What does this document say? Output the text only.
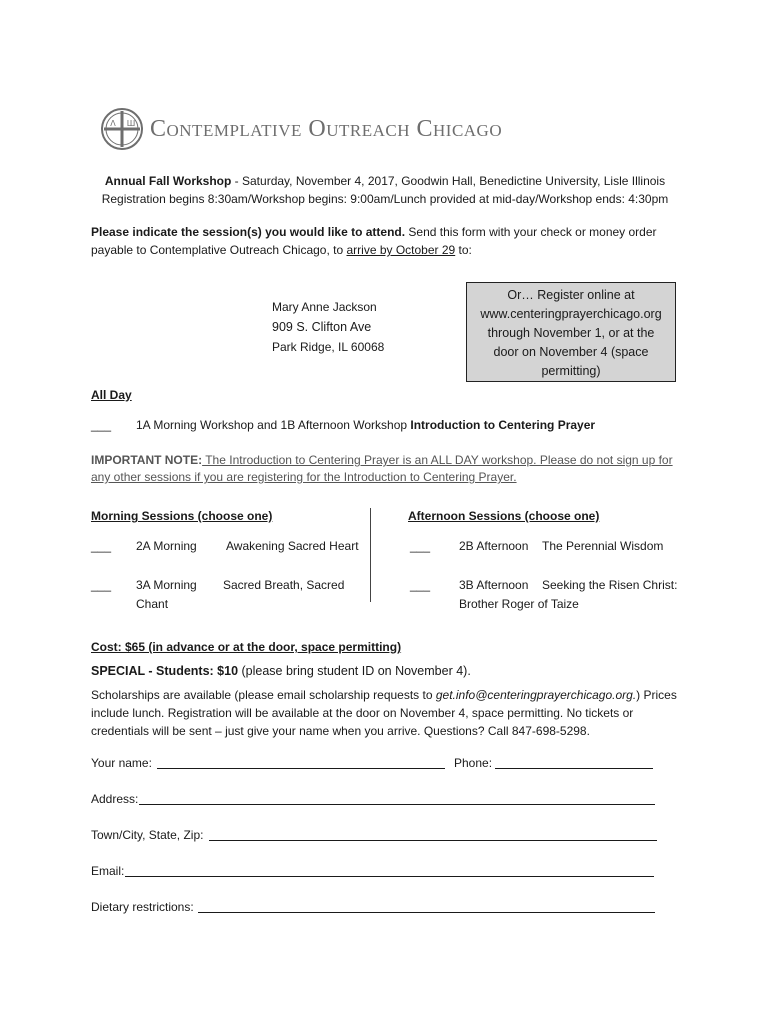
Λ Ш Contemplative Outreach Chicago
Annual Fall Workshop - Saturday, November 4, 2017, Goodwin Hall, Benedictine University, Lisle Illinois
Registration begins 8:30am/Workshop begins: 9:00am/Lunch provided at mid-day/Workshop ends: 4:30pm
Please indicate the session(s) you would like to attend. Send this form with your check or money order
payable to Contemplative Outreach Chicago, to arrive by October 29 to:
Mary Anne Jackson
909 S. Clifton Ave
Park Ridge, IL 60068
Or… Register online at
www.centeringprayerchicago.org
through November 1, or at the
door on November 4 (space
permitting)
All Day
___ 1A Morning Workshop and 1B Afternoon Workshop Introduction to Centering Prayer
IMPORTANT NOTE: The Introduction to Centering Prayer is an ALL DAY workshop. Please do not sign up for
any other sessions if you are registering for the Introduction to Centering Prayer.
Morning Sessions (choose one)
___ 2A Morning Awakening Sacred Heart
___ 3A Morning Sacred Breath, Sacred
Chant
Afternoon Sessions (choose one)
___ 2B Afternoon The Perennial Wisdom
___ 3B Afternoon Seeking the Risen Christ:
Brother Roger of Taize
Cost: $65 (in advance or at the door, space permitting)
SPECIAL - Students: $10 (please bring student ID on November 4).
Scholarships are available (please email scholarship requests to get.info@centeringprayerchicago.org.) Prices
include lunch. Registration will be available at the door on November 4, space permitting. No tickets or
credentials will be sent – just give your name when you arrive. Questions? Call 847-698-5298.
Your name:	Phone:
Address:
Town/City, State, Zip:
Email:
Dietary restrictions:
